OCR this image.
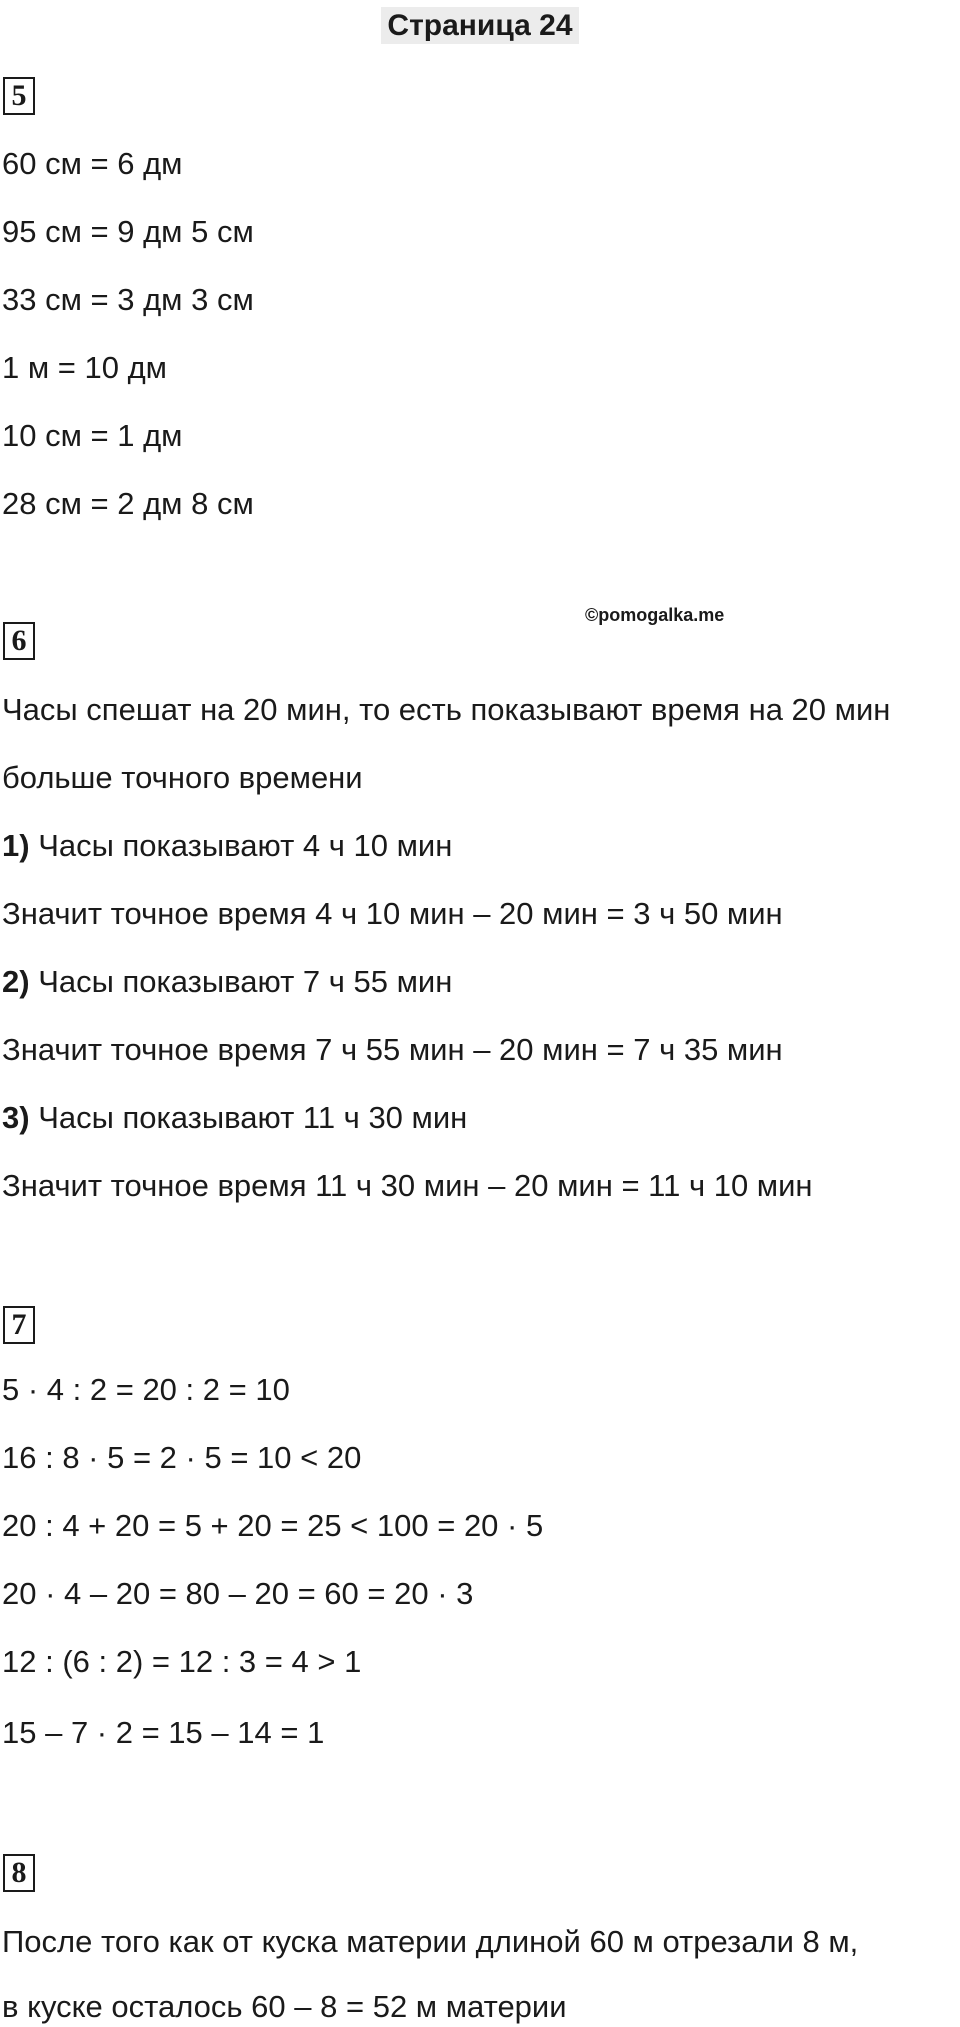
Страница 24
5
60 см = 6 дм
95 см = 9 дм 5 см
33 см = 3 дм 3 см
1 м = 10 дм
10 см = 1 дм
28 см = 2 дм 8 см
©pomogalka.me
6
Часы спешат на 20 мин, то есть показывают время на 20 мин
больше точного времени
1) Часы показывают 4 ч 10 мин
Значит точное время 4 ч 10 мин – 20 мин = 3 ч 50 мин
2) Часы показывают 7 ч 55 мин
Значит точное время 7 ч 55 мин – 20 мин = 7 ч 35 мин
3) Часы показывают 11 ч 30 мин
Значит точное время 11 ч 30 мин – 20 мин = 11 ч 10 мин
7
5 · 4 : 2 = 20 : 2 = 10
16 : 8 · 5 = 2 · 5 = 10 < 20
20 : 4 + 20 = 5 + 20 = 25 < 100 = 20 · 5
20 · 4 – 20 = 80 – 20 = 60 = 20 · 3
12 : (6 : 2) = 12 : 3 = 4 > 1
15 – 7 · 2 = 15 – 14 = 1
8
После того как от куска материи длиной 60 м отрезали 8 м,
в куске осталось 60 – 8 = 52 м материи
